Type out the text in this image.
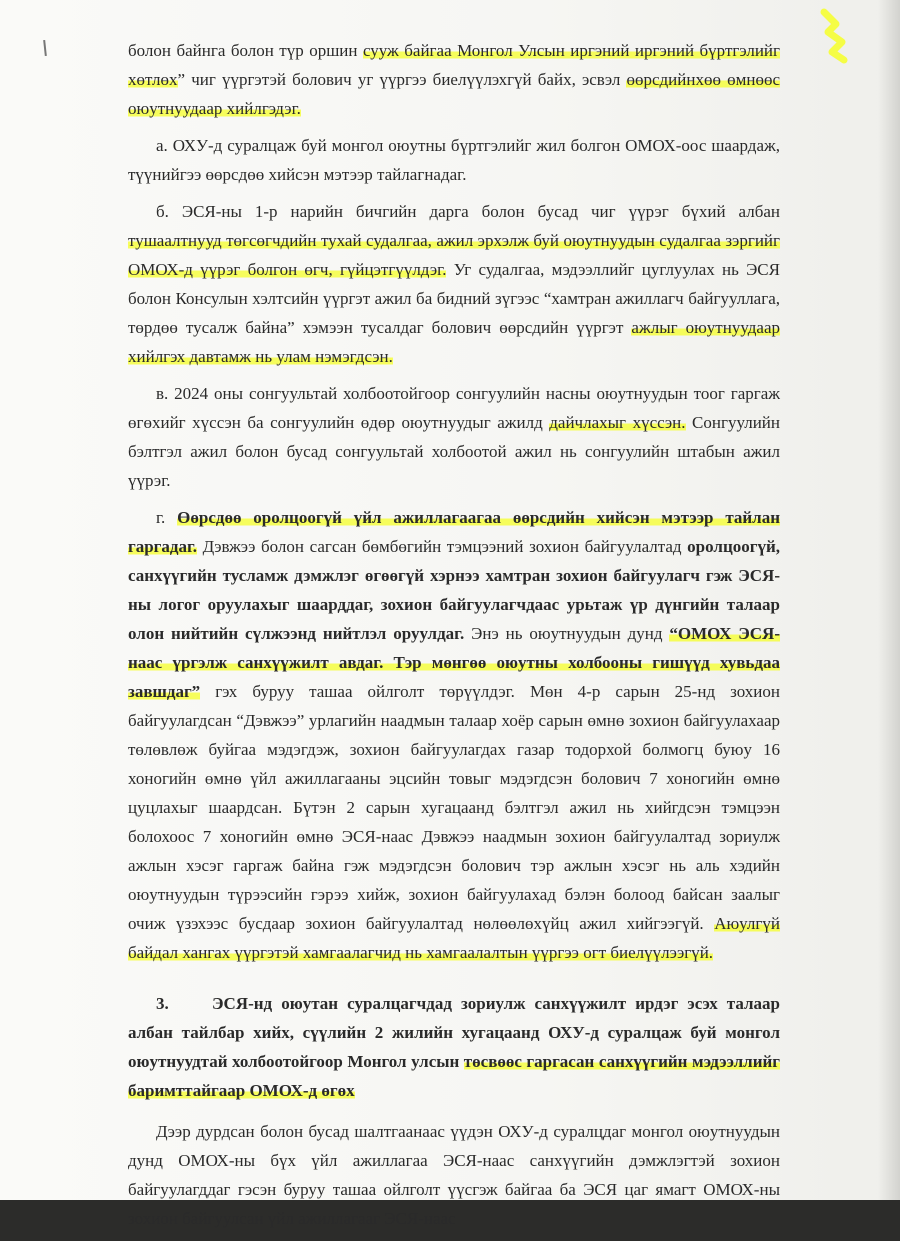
болон байнга болон түр оршин сууж байгаа Монгол Улсын иргэний иргэний бүртгэлийг хөтлөх” чиг үүргэтэй болович уг үүргээ биелүүлэхгүй байх, эсвэл өөрсдийнхөө өмнөөс оюутнуудаар хийлгэдэг.

а. ОХУ-д суралцаж буй монгол оюутны бүртгэлийг жил болгон ОМОХ-оос шаардаж, түүнийгээ өөрсдөө хийсэн мэтээр тайлагнадаг.

б. ЭСЯ-ны 1-р нарийн бичгийн дарга болон бусад чиг үүрэг бүхий албан тушаалтнууд төгсөгчдийн тухай судалгаа, ажил эрхэлж буй оюутнуудын судалгаа зэргийг ОМОХ-д үүрэг болгон өгч, гүйцэтгүүлдэг. Уг судалгаа, мэдээллийг цуглуулах нь ЭСЯ болон Консулын хэлтсийн үүргэт ажил ба бидний зүгээс “хамтран ажиллагч байгууллага, төрдөө тусалж байна” хэмээн тусалдаг болович өөрсдийн үүргэт ажлыг оюутнуудаар хийлгэх давтамж нь улам нэмэгдсэн.

в. 2024 оны сонгуультай холбоотойгоор сонгуулийн насны оюутнуудын тоог гаргаж өгөхийг хүссэн ба сонгуулийн өдөр оюутнуудыг ажилд дайчлахыг хүссэн. Сонгуулийн бэлтгэл ажил болон бусад сонгуультай холбоотой ажил нь сонгуулийн штабын ажил үүрэг.

г. Өөрсдөө оролцоогүй үйл ажиллагаагаа өөрсдийн хийсэн мэтээр тайлан гаргадаг. Дэвжээ болон сагсан бөмбөгийн тэмцээний зохион байгуулалтад оролцоогүй, санхүүгийн тусламж дэмжлэг өгөөгүй хэрнээ хамтран зохион байгуулагч гэж ЭСЯ-ны логог оруулахыг шаарддаг, зохион байгуулагчдаас урьтаж үр дүнгийн талаар олон нийтийн сүлжээнд нийтлэл оруулдаг. Энэ нь оюутнуудын дунд “ОМОХ ЭСЯ-наас үргэлж санхүүжилт авдаг. Тэр мөнгөө оюутны холбооны гишүүд хувьдаа завшдаг” гэх буруу ташаа ойлголт төрүүлдэг. Мөн 4-р сарын 25-нд зохион байгуулагдсан “Дэвжээ” урлагийн наадмын талаар хоёр сарын өмнө зохион байгуулахаар төлөвлөж буйгаа мэдэгдэж, зохион байгуулагдах газар тодорхой болмогц буюу 16 хоногийн өмнө үйл ажиллагааны эцсийн товыг мэдэгдсэн болович 7 хоногийн өмнө цуцлахыг шаардсан. Бүтэн 2 сарын хугацаанд бэлтгэл ажил нь хийгдсэн тэмцээн болохоос 7 хоногийн өмнө ЭСЯ-наас Дэвжээ наадмын зохион байгуулалтад зориулж ажлын хэсэг гаргаж байна гэж мэдэгдсэн болович тэр ажлын хэсэг нь аль хэдийн оюутнуудын түрээсийн гэрээ хийж, зохион байгуулахад бэлэн болоод байсан заалыг очиж үзэхээс бусдаар зохион байгуулалтад нөлөөлөхүйц ажил хийгээгүй. Аюулгүй байдал хангах үүргэтэй хамгаалагчид нь хамгаалалтын үүргээ огт биелүүлээгүй.

3.	ЭСЯ-нд оюутан суралцагчдад зориулж санхүүжилт ирдэг эсэх талаар албан тайлбар хийх, сүүлийн 2 жилийн хугацаанд ОХУ-д суралцаж буй монгол оюутнуудтай холбоотойгоор Монгол улсын төсвөөс гаргасан санхүүгийн мэдээллийг баримттайгаар ОМОХ-д өгөх

Дээр дурдсан болон бусад шалтгаанаас үүдэн ОХУ-д суралцдаг монгол оюутнуудын дунд ОМОХ-ны бүх үйл ажиллагаа ЭСЯ-наас санхүүгийн дэмжлэгтэй зохион байгуулагддаг гэсэн буруу ташаа ойлголт үүсгэж байгаа ба ЭСЯ цаг ямагт ОМОХ-ны зохион байгуулсан үйл ажиллагааг ЭСЯ-наас
